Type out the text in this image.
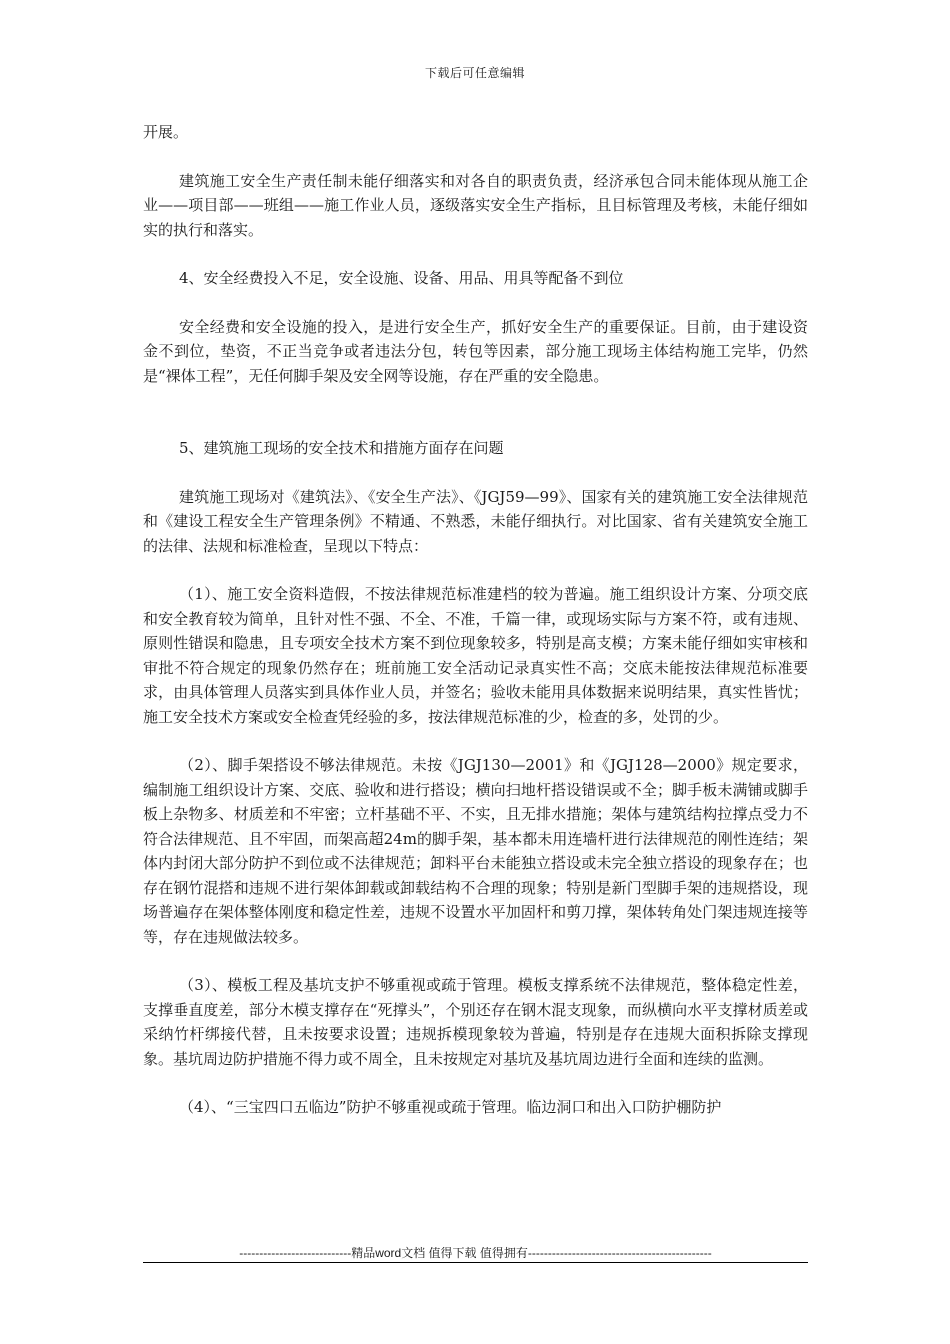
下载后可任意编辑

开展。

建筑施工安全生产责任制未能仔细落实和对各自的职责负责，经济承包合同未能体现从施工企业——项目部——班组——施工作业人员，逐级落实安全生产指标，且目标管理及考核，未能仔细如实的执行和落实。

4、安全经费投入不足，安全设施、设备、用品、用具等配备不到位

安全经费和安全设施的投入，是进行安全生产，抓好安全生产的重要保证。目前，由于建设资金不到位，垫资，不正当竞争或者违法分包，转包等因素，部分施工现场主体结构施工完毕，仍然是“裸体工程”，无任何脚手架及安全网等设施，存在严重的安全隐患。

5、建筑施工现场的安全技术和措施方面存在问题

建筑施工现场对《建筑法》、《安全生产法》、《JGJ59—99》、国家有关的建筑施工安全法律规范和《建设工程安全生产管理条例》不精通、不熟悉，未能仔细执行。对比国家、省有关建筑安全施工的法律、法规和标准检查，呈现以下特点：

（1）、施工安全资料造假，不按法律规范标准建档的较为普遍。施工组织设计方案、分项交底和安全教育较为简单，且针对性不强、不全、不准，千篇一律，或现场实际与方案不符，或有违规、原则性错误和隐患，且专项安全技术方案不到位现象较多，特别是高支模；方案未能仔细如实审核和审批不符合规定的现象仍然存在；班前施工安全活动记录真实性不高；交底未能按法律规范标准要求，由具体管理人员落实到具体作业人员，并签名；验收未能用具体数据来说明结果，真实性皆忧；施工安全技术方案或安全检查凭经验的多，按法律规范标准的少，检查的多，处罚的少。

（2）、脚手架搭设不够法律规范。未按《JGJ130—2001》和《JGJ128—2000》规定要求，编制施工组织设计方案、交底、验收和进行搭设；横向扫地杆搭设错误或不全；脚手板未满铺或脚手板上杂物多、材质差和不牢密；立杆基础不平、不实，且无排水措施；架体与建筑结构拉撑点受力不符合法律规范、且不牢固，而架高超24m的脚手架，基本都未用连墙杆进行法律规范的刚性连结；架体内封闭大部分防护不到位或不法律规范；卸料平台未能独立搭设或未完全独立搭设的现象存在；也存在钢竹混搭和违规不进行架体卸载或卸载结构不合理的现象；特别是新门型脚手架的违规搭设，现场普遍存在架体整体刚度和稳定性差，违规不设置水平加固杆和剪刀撑，架体转角处门架违规连接等等，存在违规做法较多。

（3）、模板工程及基坑支护不够重视或疏于管理。模板支撑系统不法律规范，整体稳定性差，支撑垂直度差，部分木模支撑存在“死撑头”，个别还存在钢木混支现象，而纵横向水平支撑材质差或采纳竹杆绑接代替，且未按要求设置；违规拆模现象较为普遍，特别是存在违规大面积拆除支撑现象。基坑周边防护措施不得力或不周全，且未按规定对基坑及基坑周边进行全面和连续的监测。

（4）、“三宝四口五临边”防护不够重视或疏于管理。临边洞口和出入口防护棚防护

----------------------------精品word文档 值得下载 值得拥有----------------------------------------------
